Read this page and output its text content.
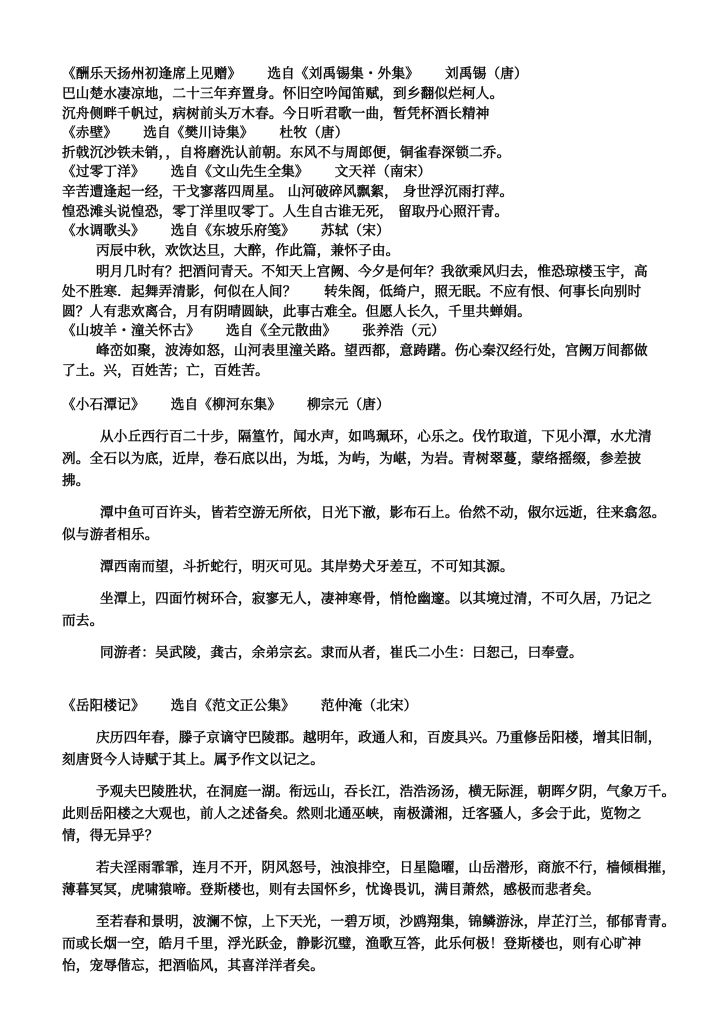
《酬乐天扬州初逢席上见赠》 选自《刘禹锡集・外集》 刘禹锡（唐）
巴山楚水凄凉地，二十三年弃置身。怀旧空吟闻笛赋，到乡翻似烂柯人。
沉舟侧畔千帆过，病树前头万木春。今日听君歌一曲，暂凭杯酒长精神
《赤壁》 选自《樊川诗集》 杜牧（唐）
折戟沉沙铁未销，，自将磨洗认前朝。东风不与周郎便，铜雀春深锁二乔。
《过零丁洋》 选自《文山先生全集》 文天祥（南宋）
辛苦遭逢起一经，干戈寥落四周星。 山河破碎风飘絮， 身世浮沉雨打萍。
惶恐滩头说惶恐，零丁洋里叹零丁。人生自古谁无死， 留取丹心照汗青。
《水调歌头》 选自《东坡乐府笺》 苏轼（宋）
丙辰中秋，欢饮达旦，大醉，作此篇，兼怀子由。
明月几时有？把酒问青天。不知天上宫阙、今夕是何年？我欲乘风归去，惟恐琼楼玉宇，高
处不胜寒．起舞弄清影，何似在人间？　　转朱阁，低绮户，照无眠。不应有恨、何事长向别时
圆？人有悲欢离合，月有阴晴圆缺，此事古难全。但愿人长久，千里共蝉娟。
《山坡羊・潼关怀古》 选自《全元散曲》 张养浩（元）
峰峦如聚，波涛如怒，山河表里潼关路。望西都，意踌躇。伤心秦汉经行处，宫阙万间都做
了土。兴，百姓苦；亡，百姓苦。
《小石潭记》 选自《柳河东集》 柳宗元（唐）
从小丘西行百二十步，隔篁竹，闻水声，如鸣珮环，心乐之。伐竹取道，下见小潭，水尤清
冽。全石以为底，近岸，卷石底以出，为坻，为屿，为嵁，为岩。青树翠蔓，蒙络摇缀，参差披
拂。
潭中鱼可百许头，皆若空游无所依，日光下澈，影布石上。佁然不动，俶尔远逝，往来翕忽。
似与游者相乐。
潭西南而望，斗折蛇行，明灭可见。其岸势犬牙差互，不可知其源。
坐潭上，四面竹树环合，寂寥无人，凄神寒骨，悄怆幽邃。以其境过清，不可久居，乃记之
而去。
同游者：吴武陵，龚古，余弟宗玄。隶而从者，崔氏二小生：曰恕己，曰奉壹。
《岳阳楼记》 选自《范文正公集》 范仲淹（北宋）
庆历四年春，滕子京谪守巴陵郡。越明年，政通人和，百废具兴。乃重修岳阳楼，增其旧制，
刻唐贤今人诗赋于其上。属予作文以记之。
予观夫巴陵胜状，在洞庭一湖。衔远山，吞长江，浩浩汤汤，横无际涯，朝晖夕阴，气象万千。
此则岳阳楼之大观也，前人之述备矣。然则北通巫峡，南极潇湘，迁客骚人，多会于此，览物之
情，得无异乎？
若夫淫雨霏霏，连月不开，阴风怒号，浊浪排空，日星隐曜，山岳潜形，商旅不行，樯倾楫摧，
薄暮冥冥，虎啸猿啼。登斯楼也，则有去国怀乡，忧谗畏讥，满目萧然，感极而悲者矣。
至若春和景明，波澜不惊，上下天光，一碧万顷，沙鸥翔集，锦鳞游泳，岸芷汀兰，郁郁青青。
而或长烟一空，皓月千里，浮光跃金，静影沉璧，渔歌互答，此乐何极！登斯楼也，则有心旷神
怡，宠辱偕忘，把酒临风，其喜洋洋者矣。
